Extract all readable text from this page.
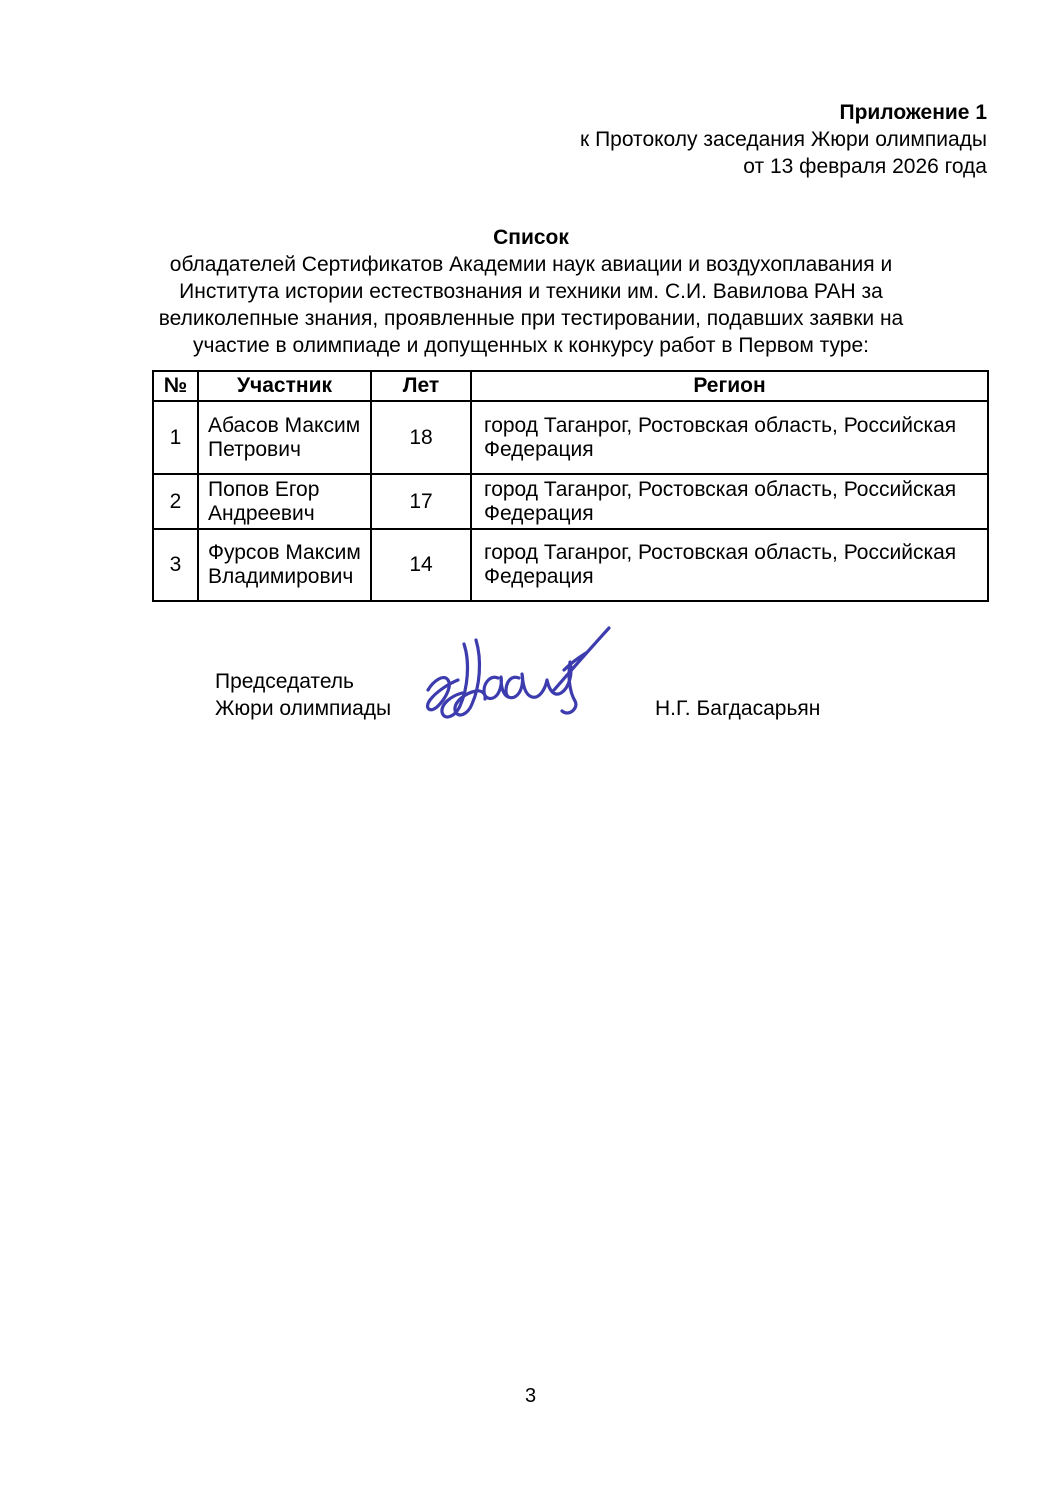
Приложение 1
к Протоколу заседания Жюри олимпиады
от 13 февраля 2026 года
Список
обладателей Сертификатов Академии наук авиации и воздухоплавания и Института истории естествознания и техники им. С.И. Вавилова РАН за великолепные знания, проявленные при тестировании, подавших заявки на участие в олимпиаде и допущенных к конкурсу работ в Первом туре:
№	Участник	Лет	Регион
1	Абасов Максим Петрович	18	город Таганрог, Ростовская область, Российская Федерация
2	Попов Егор Андреевич	17	город Таганрог, Ростовская область, Российская Федерация
3	Фурсов Максим Владимирович	14	город Таганрог, Ростовская область, Российская Федерация
Председатель
Жюри олимпиады	Н.Г. Багдасарьян
3
